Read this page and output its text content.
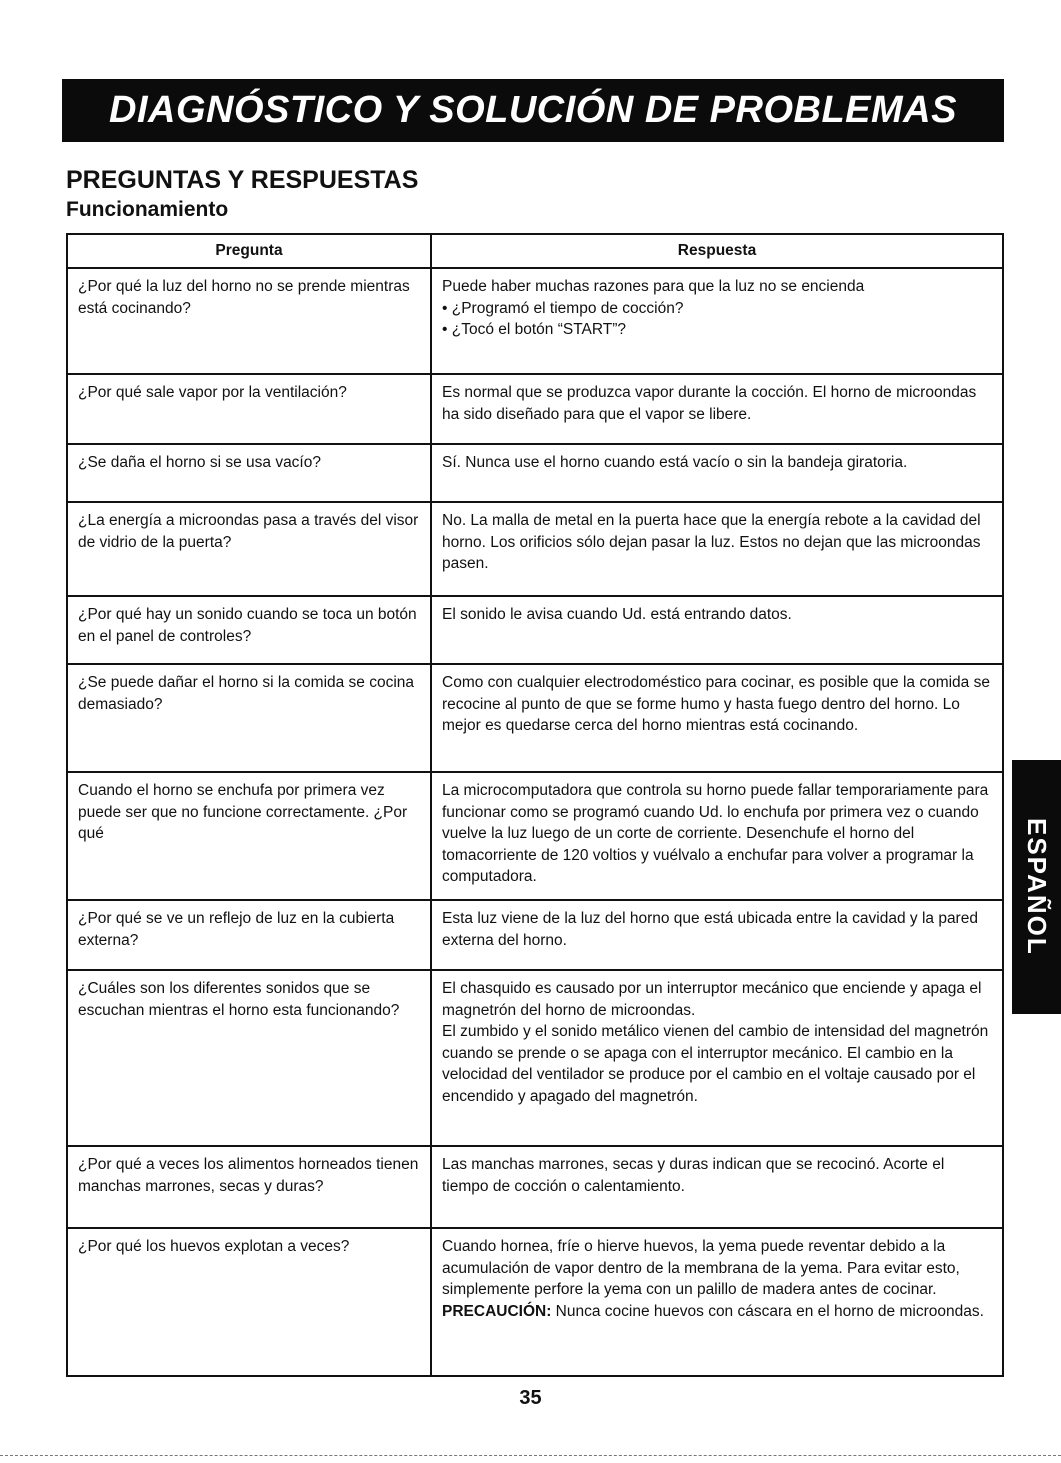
DIAGNÓSTICO Y SOLUCIÓN DE PROBLEMAS
PREGUNTAS Y RESPUESTAS
Funcionamiento
Pregunta	Respuesta
¿Por qué la luz del horno no se prende mientras está cocinando?	Puede haber muchas razones para que la luz no se encienda
• ¿Programó el tiempo de cocción?
• ¿Tocó el botón “START”?

¿Por qué sale vapor por la ventilación?	Es normal que se produzca vapor durante la cocción. El horno de microondas ha sido diseñado para que el vapor se libere.

¿Se daña el horno si se usa vacío?	Sí. Nunca use el horno cuando está vacío o sin la bandeja giratoria.

¿La energía a microondas pasa a través del visor de vidrio de la puerta?	No. La malla de metal en la puerta hace que la energía rebote a la cavidad del horno. Los orificios sólo dejan pasar la luz. Estos no dejan que las microondas pasen.

¿Por qué hay un sonido cuando se toca un botón en el panel de controles?	El sonido le avisa cuando Ud. está entrando datos.

¿Se puede dañar el horno si la comida se cocina demasiado?	Como con cualquier electrodoméstico para cocinar, es posible que la comida se recocine al punto de que se forme humo y hasta fuego dentro del horno. Lo mejor es quedarse cerca del horno mientras está cocinando.

Cuando el horno se enchufa por primera vez puede ser que no funcione correctamente. ¿Por qué	La microcomputadora que controla su horno puede fallar temporariamente para funcionar como se programó cuando Ud. lo enchufa por primera vez o cuando vuelve la luz luego de un corte de corriente. Desenchufe el horno del tomacorriente de 120 voltios y vuélvalo a enchufar para volver a programar la computadora.

¿Por qué se ve un reflejo de luz en la cubierta externa?	Esta luz viene de la luz del horno que está ubicada entre la cavidad y la pared externa del horno.

¿Cuáles son los diferentes sonidos que se escuchan mientras el horno esta funcionando?	El chasquido es causado por un interruptor mecánico que enciende y apaga el magnetrón del horno de microondas.
El zumbido y el sonido metálico vienen del cambio de intensidad del magnetrón cuando se prende o se apaga con el interruptor mecánico. El cambio en la velocidad del ventilador se produce por el cambio en el voltaje causado por el encendido y apagado del magnetrón.

¿Por qué a veces los alimentos horneados tienen manchas marrones, secas y duras?	Las manchas marrones, secas y duras indican que se recocinó. Acorte el tiempo de cocción o calentamiento.

¿Por qué los huevos explotan a veces?	Cuando hornea, fríe o hierve huevos, la yema puede reventar debido a la acumulación de vapor dentro de la membrana de la yema. Para evitar esto, simplemente perfore la yema con un palillo de madera antes de cocinar.
PRECAUCIÓN: Nunca cocine huevos con cáscara en el horno de microondas.
35
ESPAÑOL
